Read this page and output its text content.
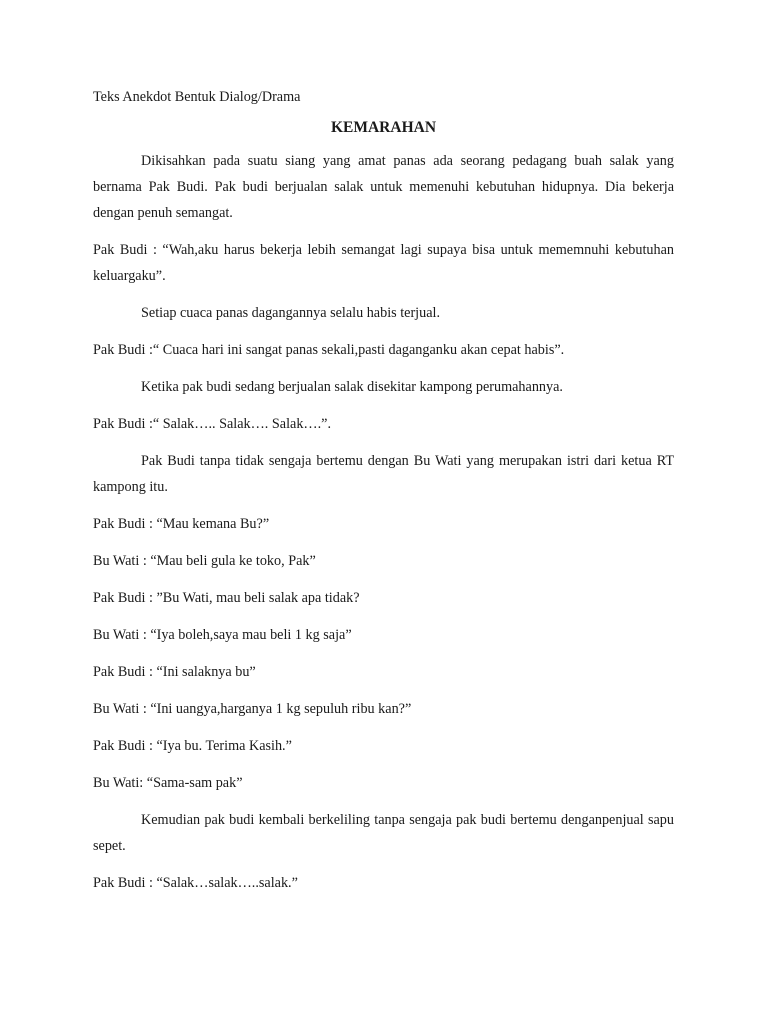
Teks Anekdot Bentuk Dialog/Drama

KEMARAHAN

Dikisahkan pada suatu siang yang amat panas ada seorang pedagang buah salak yang bernama Pak Budi. Pak budi berjualan salak untuk memenuhi kebutuhan hidupnya. Dia bekerja dengan penuh semangat.

Pak Budi : “Wah,aku harus bekerja lebih semangat lagi supaya bisa untuk mememnuhi kebutuhan keluargaku”.

Setiap cuaca panas dagangannya selalu habis terjual.

Pak Budi :“ Cuaca hari ini sangat panas sekali,pasti daganganku akan cepat habis”.

Ketika pak budi sedang berjualan salak disekitar kampong perumahannya.

Pak Budi :“ Salak….. Salak…. Salak….”.

Pak Budi tanpa tidak sengaja bertemu dengan Bu Wati yang merupakan istri dari ketua RT kampong itu.

Pak Budi : “Mau kemana Bu?”

Bu Wati : “Mau beli gula ke toko, Pak”

Pak Budi : ”Bu Wati, mau beli salak apa tidak?

Bu Wati : “Iya boleh,saya mau beli 1 kg saja”

Pak Budi : “Ini salaknya bu”

Bu Wati : “Ini uangya,harganya 1 kg sepuluh ribu kan?”

Pak Budi : “Iya bu. Terima Kasih.”

Bu Wati: “Sama-sam pak”

Kemudian pak budi kembali berkeliling tanpa sengaja pak budi bertemu denganpenjual sapu sepet.

Pak Budi : “Salak…salak…..salak.”
